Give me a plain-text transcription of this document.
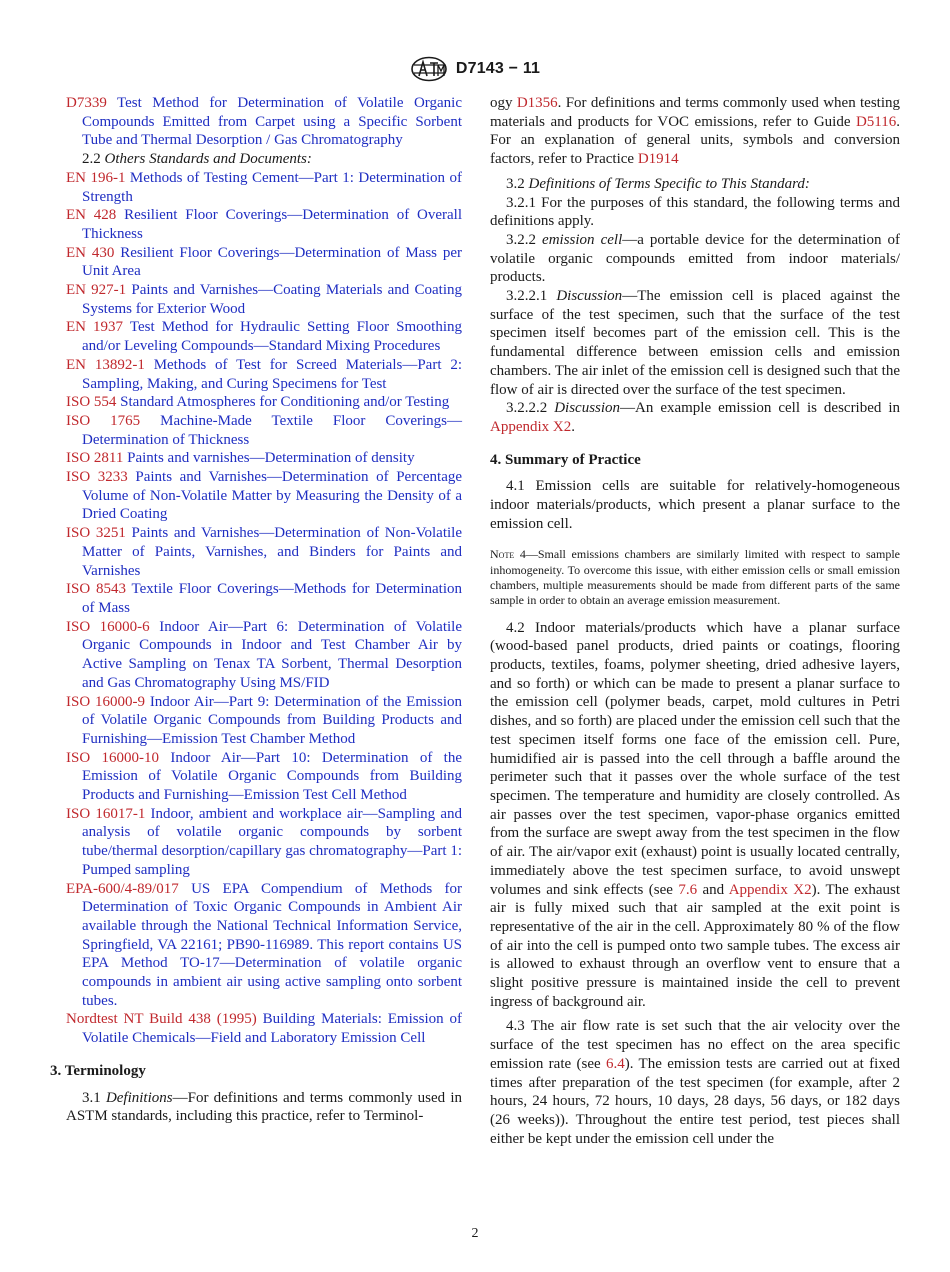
D7143 − 11

D7339 Test Method for Determination of Volatile Organic Compounds Emitted from Carpet using a Specific Sorbent Tube and Thermal Desorption / Gas Chromatography

2.2 Others Standards and Documents:

EN 196-1 Methods of Testing Cement—Part 1: Determination of Strength

EN 428 Resilient Floor Coverings—Determination of Overall Thickness

EN 430 Resilient Floor Coverings—Determination of Mass per Unit Area

EN 927-1 Paints and Varnishes—Coating Materials and Coating Systems for Exterior Wood

EN 1937 Test Method for Hydraulic Setting Floor Smoothing and/or Leveling Compounds—Standard Mixing Procedures

EN 13892-1 Methods of Test for Screed Materials—Part 2: Sampling, Making, and Curing Specimens for Test

ISO 554 Standard Atmospheres for Conditioning and/or Testing

ISO 1765 Machine-Made Textile Floor Coverings—Determination of Thickness

ISO 2811 Paints and varnishes—Determination of density

ISO 3233 Paints and Varnishes—Determination of Percentage Volume of Non-Volatile Matter by Measuring the Density of a Dried Coating

ISO 3251 Paints and Varnishes—Determination of Non-Volatile Matter of Paints, Varnishes, and Binders for Paints and Varnishes

ISO 8543 Textile Floor Coverings—Methods for Determination of Mass

ISO 16000-6 Indoor Air—Part 6: Determination of Volatile Organic Compounds in Indoor and Test Chamber Air by Active Sampling on Tenax TA Sorbent, Thermal Desorption and Gas Chromatography Using MS/FID

ISO 16000-9 Indoor Air—Part 9: Determination of the Emission of Volatile Organic Compounds from Building Products and Furnishing—Emission Test Chamber Method

ISO 16000-10 Indoor Air—Part 10: Determination of the Emission of Volatile Organic Compounds from Building Products and Furnishing—Emission Test Cell Method

ISO 16017-1 Indoor, ambient and workplace air—Sampling and analysis of volatile organic compounds by sorbent tube/thermal desorption/capillary gas chromatography—Part 1: Pumped sampling

EPA-600/4-89/017 US EPA Compendium of Methods for Determination of Toxic Organic Compounds in Ambient Air available through the National Technical Information Service, Springfield, VA 22161; PB90-116989. This report contains US EPA Method TO-17—Determination of volatile organic compounds in ambient air using active sampling onto sorbent tubes.

Nordtest NT Build 438 (1995) Building Materials: Emission of Volatile Chemicals—Field and Laboratory Emission Cell

3. Terminology

3.1 Definitions—For definitions and terms commonly used in ASTM standards, including this practice, refer to Terminol-

ogy D1356. For definitions and terms commonly used when testing materials and products for VOC emissions, refer to Guide D5116. For an explanation of general units, symbols and conversion factors, refer to Practice D1914

3.2 Definitions of Terms Specific to This Standard:

3.2.1 For the purposes of this standard, the following terms and definitions apply.

3.2.2 emission cell—a portable device for the determination of volatile organic compounds emitted from indoor materials/ products.

3.2.2.1 Discussion—The emission cell is placed against the surface of the test specimen, such that the surface of the test specimen itself becomes part of the emission cell. This is the fundamental difference between emission cells and emission chambers. The air inlet of the emission cell is designed such that the flow of air is directed over the surface of the test specimen.

3.2.2.2 Discussion—An example emission cell is described in Appendix X2.

4. Summary of Practice

4.1 Emission cells are suitable for relatively-homogeneous indoor materials/products, which present a planar surface to the emission cell.

Note 4—Small emissions chambers are similarly limited with respect to sample inhomogeneity. To overcome this issue, with either emission cells or small emission chambers, multiple measurements should be made from different parts of the same sample in order to obtain an average emission measurement.

4.2 Indoor materials/products which have a planar surface (wood-based panel products, dried paints or coatings, flooring products, textiles, foams, polymer sheeting, dried adhesive layers, and so forth) or which can be made to present a planar surface to the emission cell (polymer beads, carpet, mold cultures in Petri dishes, and so forth) are placed under the emission cell such that the test specimen itself forms one face of the emission cell. Pure, humidified air is passed into the cell through a baffle around the perimeter such that it passes over the whole surface of the test specimen. The temperature and humidity are closely controlled. As air passes over the test specimen, vapor-phase organics emitted from the surface are swept away from the test specimen in the flow of air. The air/vapor exit (exhaust) point is usually located centrally, immediately above the test specimen surface, to avoid unswept volumes and sink effects (see 7.6 and Appendix X2). The exhaust air is fully mixed such that air sampled at the exit point is representative of the air in the cell. Approximately 80 % of the flow of air into the cell is pumped onto two sample tubes. The excess air is allowed to exhaust through an overflow vent to ensure that a slight positive pressure is maintained inside the cell to prevent ingress of background air.

4.3 The air flow rate is set such that the air velocity over the surface of the test specimen has no effect on the area specific emission rate (see 6.4). The emission tests are carried out at fixed times after preparation of the test specimen (for example, after 2 hours, 24 hours, 72 hours, 10 days, 28 days, 56 days, or 182 days (26 weeks)). Throughout the entire test period, test pieces shall either be kept under the emission cell under the

2
